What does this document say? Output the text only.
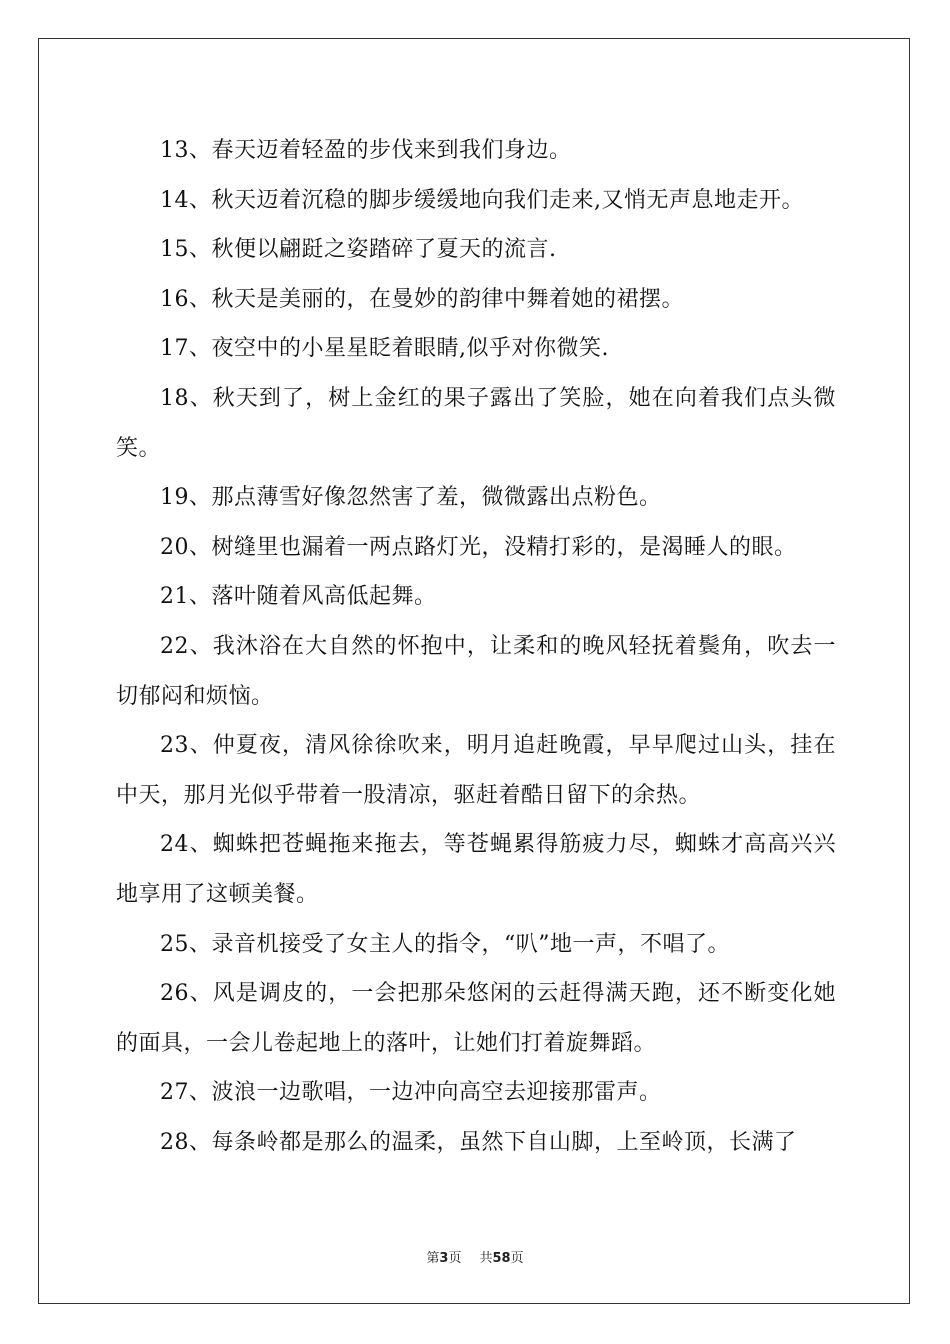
13、春天迈着轻盈的步伐来到我们身边。

14、秋天迈着沉稳的脚步缓缓地向我们走来,又悄无声息地走开。

15、秋便以翩跹之姿踏碎了夏天的流言.

16、秋天是美丽的，在曼妙的韵律中舞着她的裙摆。

17、夜空中的小星星眨着眼睛,似乎对你微笑.

18、秋天到了，树上金红的果子露出了笑脸，她在向着我们点头微笑。

19、那点薄雪好像忽然害了羞，微微露出点粉色。

20、树缝里也漏着一两点路灯光，没精打彩的，是渴睡人的眼。

21、落叶随着风高低起舞。

22、我沐浴在大自然的怀抱中，让柔和的晚风轻抚着鬓角，吹去一切郁闷和烦恼。

23、仲夏夜，清风徐徐吹来，明月追赶晚霞，早早爬过山头，挂在中天，那月光似乎带着一股清凉，驱赶着酷日留下的余热。

24、蜘蛛把苍蝇拖来拖去，等苍蝇累得筋疲力尽，蜘蛛才高高兴兴地享用了这顿美餐。

25、录音机接受了女主人的指令，“叭”地一声，不唱了。

26、风是调皮的，一会把那朵悠闲的云赶得满天跑，还不断变化她的面具，一会儿卷起地上的落叶，让她们打着旋舞蹈。

27、波浪一边歌唱，一边冲向高空去迎接那雷声。

28、每条岭都是那么的温柔，虽然下自山脚，上至岭顶，长满了

第3页 共58页
